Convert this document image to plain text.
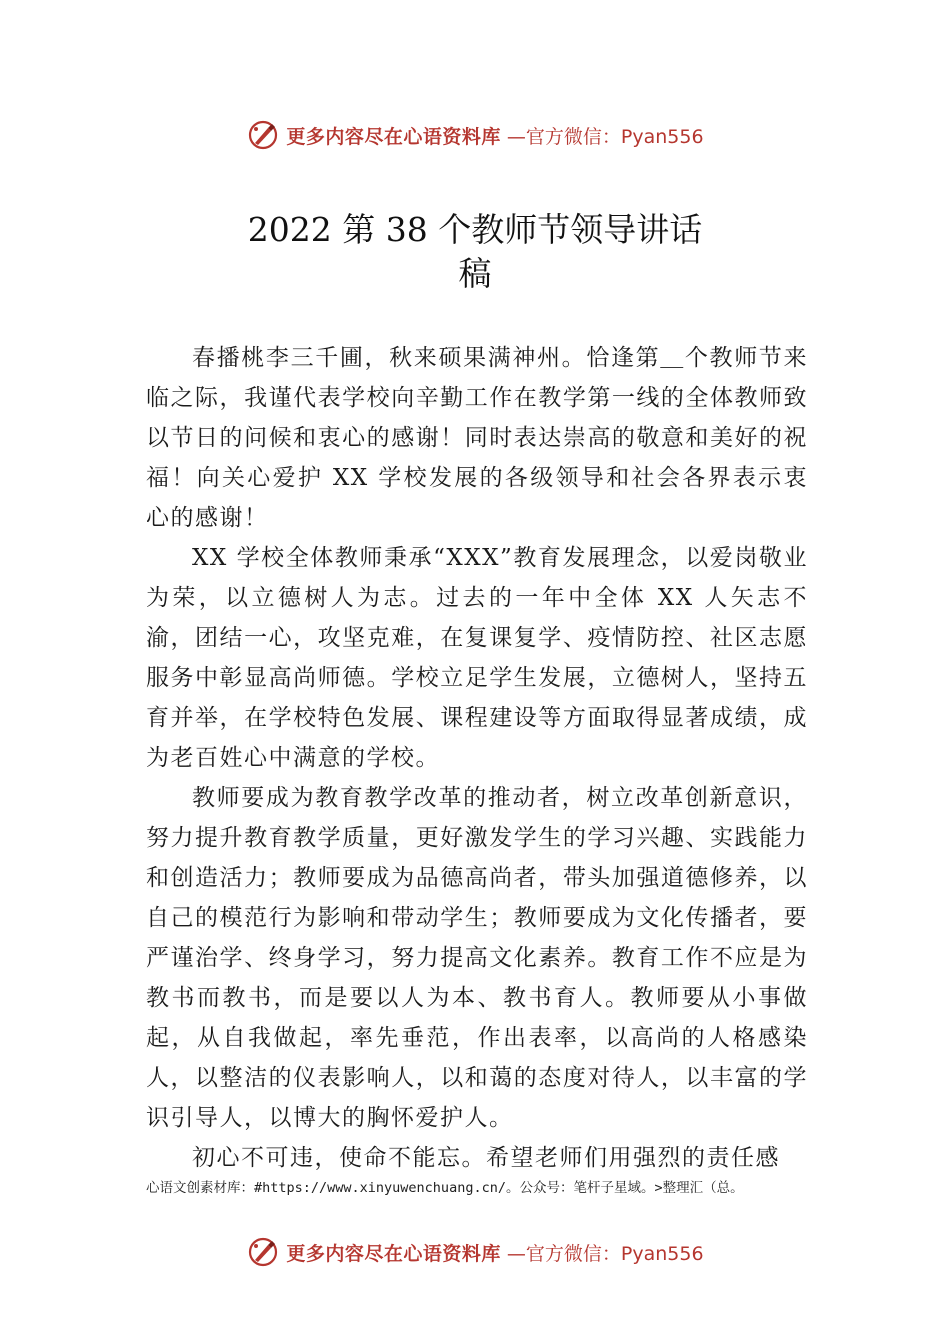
更多内容尽在心语资料库 —官方微信：Pyan556
2022 第 38 个教师节领导讲话
稿

春播桃李三千圃，秋来硕果满神州。恰逢第＿个教师节来临之际，我谨代表学校向辛勤工作在教学第一线的全体教师致以节日的问候和衷心的感谢！同时表达崇高的敬意和美好的祝福！向关心爱护 XX 学校发展的各级领导和社会各界表示衷心的感谢！

XX 学校全体教师秉承“XXX”教育发展理念，以爱岗敬业为荣，以立德树人为志。过去的一年中全体 XX 人矢志不渝，团结一心，攻坚克难，在复课复学、疫情防控、社区志愿服务中彰显高尚师德。学校立足学生发展，立德树人，坚持五育并举，在学校特色发展、课程建设等方面取得显著成绩，成为老百姓心中满意的学校。

教师要成为教育教学改革的推动者，树立改革创新意识，努力提升教育教学质量，更好激发学生的学习兴趣、实践能力和创造活力；教师要成为品德高尚者，带头加强道德修养，以自己的模范行为影响和带动学生；教师要成为文化传播者，要严谨治学、终身学习，努力提高文化素养。教育工作不应是为教书而教书，而是要以人为本、教书育人。教师要从小事做起，从自我做起，率先垂范，作出表率，以高尚的人格感染人，以整洁的仪表影响人，以和蔼的态度对待人，以丰富的学识引导人，以博大的胸怀爱护人。

初心不可违，使命不能忘。希望老师们用强烈的责任感

心语文创素材库：#https://www.xinyuwenchuang.cn/。公众号：笔杆子星域。>整理汇（总。
更多内容尽在心语资料库 —官方微信：Pyan556
